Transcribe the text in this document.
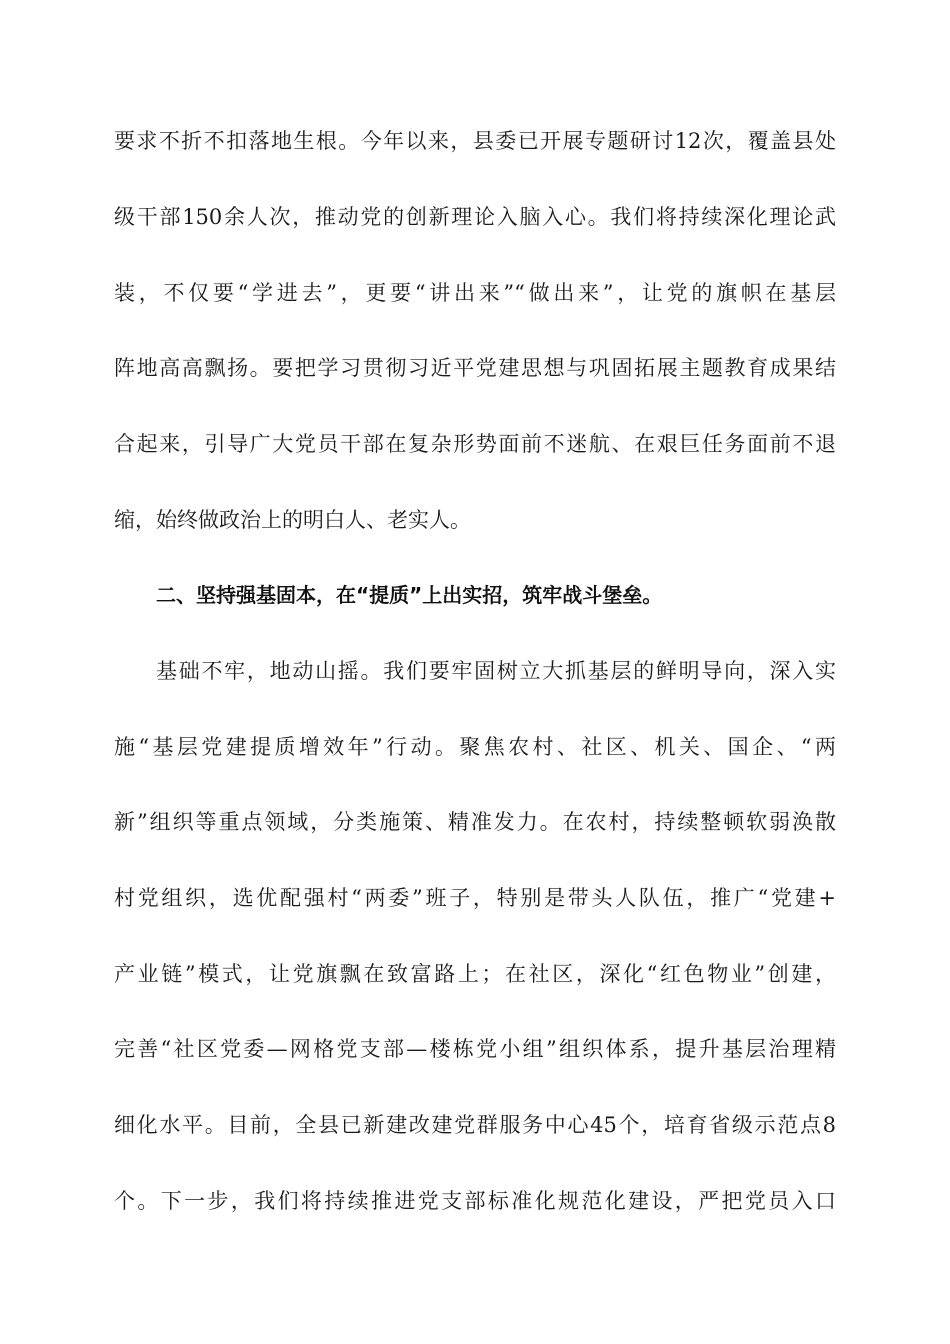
要求不折不扣落地生根。今年以来，县委已开展专题研讨12次，覆盖县处
级干部150余人次，推动党的创新理论入脑入心。我们将持续深化理论武
装，不仅要“学进去”，更要“讲出来”“做出来”，让党的旗帜在基层
阵地高高飘扬。要把学习贯彻习近平党建思想与巩固拓展主题教育成果结
合起来，引导广大党员干部在复杂形势面前不迷航、在艰巨任务面前不退
缩，始终做政治上的明白人、老实人。
二、坚持强基固本，在“提质”上出实招，筑牢战斗堡垒。
基础不牢，地动山摇。我们要牢固树立大抓基层的鲜明导向，深入实
施“基层党建提质增效年”行动。聚焦农村、社区、机关、国企、“两
新”组织等重点领域，分类施策、精准发力。在农村，持续整顿软弱涣散
村党组织，选优配强村“两委”班子，特别是带头人队伍，推广“党建+
产业链”模式，让党旗飘在致富路上；在社区，深化“红色物业”创建，
完善“社区党委—网格党支部—楼栋党小组”组织体系，提升基层治理精
细化水平。目前，全县已新建改建党群服务中心45个，培育省级示范点8
个。下一步，我们将持续推进党支部标准化规范化建设，严把党员入口
